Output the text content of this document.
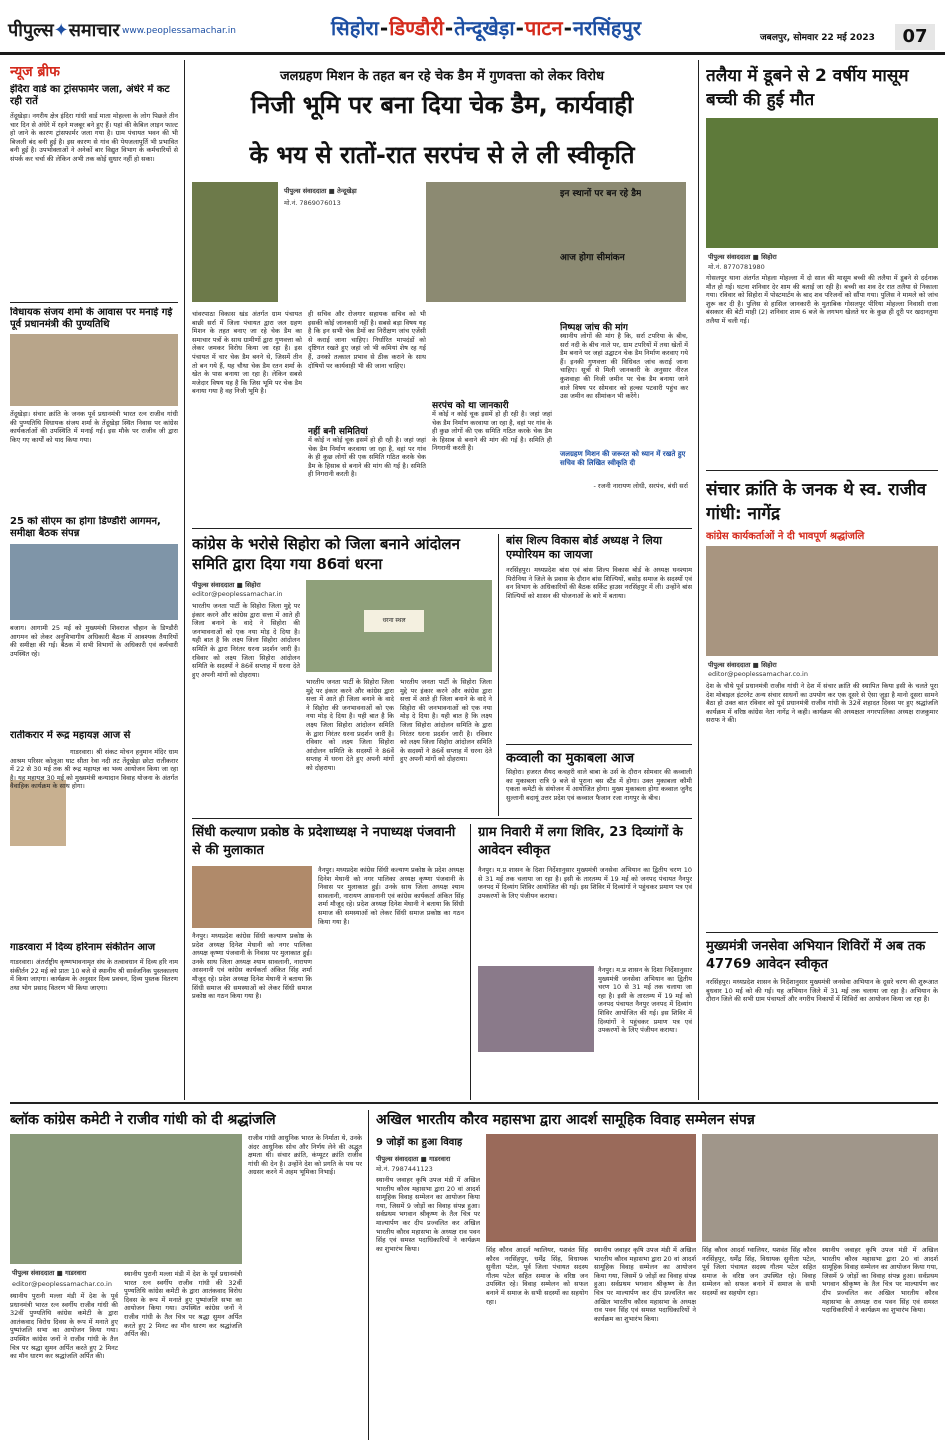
पीपुल्स✦समाचार www.peoplessamachar.in	सिहोरा-डिण्डौरी-तेन्दूखेड़ा-पाटन-नरसिंहपुर	जबलपुर, सोमवार 22 मई 2023	07
न्यूज ब्रीफ
इंदिरा वार्ड का ट्रांसफार्मर जला, अंधेरे में कट रही रातें
तेंदूखेड़ा। नगरीय क्षेत्र इंदिरा गांधी वार्ड माता मोहल्ला के लोग पिछले तीन चार दिन से अंधेरे में रहने मजबूर बने हुए हैं। यहां की केबिल लाइन फाल्ट हो जाने के कारण ट्रांसफार्मर जला गया है। ग्राम पंचायत भवन की भी बिजली बंद बनी हुई है। इस कारण से गांव की पेयजलापूर्ति भी प्रभावित बनी हुई है। उपभोक्ताओं ने अनेकों बार विद्युत विभाग के कर्मचारियों से संपर्क कर चर्चा की लेकिन अभी तक कोई सुधार नहीं हो सका।
विधायक संजय शर्मा के आवास पर मनाई गई पूर्व प्रधानमंत्री की पुण्यतिथि
तेंदूखेड़ा। संचार क्रांति के जनक पूर्व प्रधानमंत्री भारत रत्न राजीव गांधी की पुण्यतिथि विधायक संजय शर्मा के तेंदूखेड़ा स्थित निवास पर कांग्रेस कार्यकर्ताओं की उपस्थिति में मनाई गई। इस मौके पर राजीव जी द्वारा किए गए कार्यों को याद किया गया।
25 को सीएम का होगा डिण्डौरी आगमन, समीक्षा बैठक संपन्न
बजाग। आगामी 25 मई को मुख्यमंत्री शिवराज चौहान के डिण्डौरी आगमन को लेकर अनुविभागीय अधिकारी बैठक में आवश्यक तैयारियों की समीक्षा की गई। बैठक में सभी विभागों के अधिकारी एवं कर्मचारी उपस्थित रहे।
रातीकरार में रूद्र महायज्ञ आज से
गाडरवारा। श्री संकट मोचन हनुमान मंदिर धाम आश्रम परिसर कोलूआ घाट सीता रेवा नदी तट तेंदूखेड़ा छोटा रातीकरार में 22 से 30 मई तक श्री रूद्र महायज्ञ का भव्य आयोजन किया जा रहा है। यह महायज्ञ 30 मई को मुख्यमंत्री कन्यादान विवाह योजना के अंतर्गत वैवाहिक कार्यक्रम के साथ होगा।
गाडरवारा में दिव्य हरिनाम संकीर्तन आज
गाडरवारा। अंतर्राष्ट्रीय कृष्णभावनामृत संघ के तत्वावधान में दिव्य हरि नाम संकीर्तन 22 मई को प्रातः 10 बजे से स्थानीय श्री सार्वजनिक पुस्तकालय में किया जाएगा। कार्यक्रम के अनुसार दिव्य प्रवचन, दिव्य पुस्तक वितरण तथा भोग प्रसाद वितरण भी किया जाएगा।
जलग्रहण मिशन के तहत बन रहे चेक डैम में गुणवत्ता को लेकर विरोध
निजी भूमि पर बना दिया चेक डैम, कार्यवाही
के भय से रातों-रात सरपंच से ले ली स्वीकृति
पीपुल्स संवाददाता ■ तेन्दूखेड़ा
मो.नं. 7869076013
चांवरपाठा विकास खंड अंतर्गत ग्राम पंचायत बाछी सर्रा में जिला पंचायत द्वारा जल ग्रहण मिशन के तहत बनाए जा रहे चेक डैम का समाचार पत्रों के साथ ग्रामीणों द्वारा गुणवत्ता को लेकर जमकर विरोध किया जा रहा है। इस पंचायत में चार चेक डैम बनने थे, जिसमें तीन तो बन गये हैं, यह चौथा चेक डैम रतन शर्मा के खेत के पास बनाया जा रहा है। लेकिन सबसे मजेदार विषय यह है कि जिस भूमि पर चेक डैम बनाया गया है वह निजी भूमि है।
ही सचिव और रोजगार सहायक सचिव को भी इसकी कोई जानकारी नहीं है। सबसे बड़ा विषय यह है कि इन सभी चेक डैमों का निरीक्षण जांच एजेंसी से कराई जाना चाहिए। निर्धारित मापदंडों को दृष्टिगत रखते हुए जहां जो भी कमियां शेष रह गई हैं, उनको तत्काल प्रभाव से ठीक कराने के साथ दोषियों पर कार्यवाही भी की जाना चाहिए।
नहीं बनी समितियां
में कोई न कोई चूक इसमें हो ही रही है। जहां जहां चेक डैम निर्माण करवाया जा रहा है, वहां पर गांव के ही कुछ लोगों की एक समिति गठित करके चेक डैम के हिसाब से बनाने की मांग की गई है। समिति ही निगरानी करती है।
सरपंच को था जानकारी
में कोई न कोई चूक इसमें हो ही रही है। जहां जहां चेक डैम निर्माण करवाया जा रहा है, वहां पर गांव के ही कुछ लोगों की एक समिति गठित करके चेक डैम के हिसाब से बनाने की मांग की गई है। समिति ही निगरानी करती है।
इन स्थानों पर बन रहे डैम
आज होगा सीमांकन
निष्पक्ष जांच की मांग
स्थानीय लोगों की मांग है कि, सर्रा टपरिया के बीच, सर्रा नदी के बीच नाले पर, ग्राम टपरियों में तथा खेतों में डैम बनाने पर जहां उद्घाटन चेक डैम निर्माण करवाए गये हैं। इनकी गुणवत्ता की विधिवत जांच कराई जाना चाहिए। सूत्रों से मिली जानकारी के अनुसार नीरज कुशवाहा की निजी जमीन पर चेक डैम बनाया जाने वाले विषय पर सोमवार को हल्का पटवारी पहुंच कर उस जमीन का सीमांकन भी करेंगे।
जलग्रहण मिशन की जरूरत को ध्यान में रखते हुए सचिव की लिखित स्वीकृति दी
- रजनी नारायण लोधी, सरपंच, बंधी सर्रा
तलैया में डूबने से 2 वर्षीय मासूम बच्ची की हुई मौत
पीपुल्स संवाददाता ■ सिहोरा
मो.नं. 8770781980
गोसलपुर थाना अंतर्गत मोहला मोहल्ला में दो साल की मासूम बच्ची की तलैया में डूबने से दर्दनाक मौत हो गई। घटना शनिवार देर शाम की बताई जा रही है। बच्ची का शव देर रात तलैया से निकाला गया। रविवार को सिहोरा में पोस्टमार्टम के बाद शव परिजनों को सौंपा गया। पुलिस ने मामले को जांच शुरू कर दी है। पुलिस से हासिल जानकारी के मुताबिक गोसलपुर पीरिया मोहल्ला निवासी राजा बंसकार की बेटी माही (2) शनिवार शाम 6 बजे के लगभग खेलते घर के कुछ ही दूरी पर खदानतुमा तलैया में चली गई।
संचार क्रांति के जनक थे स्व. राजीव गांधी: नागेंद्र
कांग्रेस कार्यकर्ताओं ने दी भावपूर्ण श्रद्धांजलि
पीपुल्स संवाददाता ■ सिहोरा
editor@peoplessamachar.co.in
देश के चौथे पूर्व प्रधानमंत्री राजीव गांधी ने देश में संचार क्रांति की स्थापित किया इसी के चलते पूरा देश मोबाइल इंटरनेट अन्य संचार साधनों का उपयोग कर एक दूसरे से ऐसा जुड़ा है मानो दूसरा सामने बैठा हो उक्त बात रविवार को पूर्व प्रधानमंत्री राजीव गांधी के 32वें शहादत दिवस पर हुए श्रद्धांजलि कार्यक्रम में वरिष्ठ कांग्रेस नेता नागेंद्र ने कही। कार्यक्रम की अध्यक्षता नगरपालिका अध्यक्ष राजकुमार सराफ ने की।
मुख्यमंत्री जनसेवा अभियान शिविरों में अब तक 47769 आवेदन स्वीकृत
नरसिंहपुर। मध्यप्रदेश शासन के निर्देशानुसार मुख्यमंत्री जनसेवा अभियान के दूसरे चरण की शुरूआत बुधवार 10 मई को की गई। यह अभियान जिले में 31 मई तक चलाया जा रहा है। अभियान के दौरान जिले की सभी ग्राम पंचायतों और नगरीय निकायों में शिविरों का आयोजन किया जा रहा है।
कांग्रेस के भरोसे सिहोरा को जिला बनाने आंदोलन समिति द्वारा दिया गया 86वां धरना
पीपुल्स संवाददाता ■ सिहोरा
editor@peoplessamachar.in
धरना स्थल
भारतीय जनता पार्टी के सिहोरा जिला मुद्दे पर इंकार करने और कांग्रेस द्वारा सत्ता में आते ही जिला बनाने के वादे ने सिहोरा की जनभावनाओं को एक नया मोड़ दे दिया है। यही बात है कि लक्ष्य जिला सिहोरा आंदोलन समिति के द्वारा निरंतर धरना प्रदर्शन जारी है। रविवार को लक्ष्य जिला सिहोरा आंदोलन समिति के सदस्यों ने 86वें सप्ताह में धरना देते हुए अपनी मांगों को दोहराया।
भारतीय जनता पार्टी के सिहोरा जिला मुद्दे पर इंकार करने और कांग्रेस द्वारा सत्ता में आते ही जिला बनाने के वादे ने सिहोरा की जनभावनाओं को एक नया मोड़ दे दिया है। यही बात है कि लक्ष्य जिला सिहोरा आंदोलन समिति के द्वारा निरंतर धरना प्रदर्शन जारी है। रविवार को लक्ष्य जिला सिहोरा आंदोलन समिति के सदस्यों ने 86वें सप्ताह में धरना देते हुए अपनी मांगों को दोहराया।
भारतीय जनता पार्टी के सिहोरा जिला मुद्दे पर इंकार करने और कांग्रेस द्वारा सत्ता में आते ही जिला बनाने के वादे ने सिहोरा की जनभावनाओं को एक नया मोड़ दे दिया है। यही बात है कि लक्ष्य जिला सिहोरा आंदोलन समिति के द्वारा निरंतर धरना प्रदर्शन जारी है। रविवार को लक्ष्य जिला सिहोरा आंदोलन समिति के सदस्यों ने 86वें सप्ताह में धरना देते हुए अपनी मांगों को दोहराया।
बांस शिल्प विकास बोर्ड अध्यक्ष ने लिया एम्पोरियम का जायजा
नरसिंहपुर। मध्यप्रदेश बांस एवं बांस शिल्प विकास बोर्ड के अध्यक्ष घनश्याम पिरोनिया ने जिले के प्रवास के दौरान बांस शिल्पियों, बसोड़ समाज के सदस्यों एवं वन विभाग के अधिकारियों की बैठक सर्किट हाउस नरसिंहपुर में ली। उन्होंने बांस शिल्पियों को शासन की योजनाओं के बारे में बताया।
कव्वाली का मुकाबला आज
सिहोरा। हजरत सैयद कचहरी वाले बाबा के उर्स के दौरान सोमवार की कव्वाली का मुकाबला रात्रि 9 बजे से पुराना बस स्टैंड में होगा। उक्त मुकाबला कौमी एकता कमेटी के संयोजन में आयोजित होगा। मुख्य मुकाबला होगा कव्वाल जुनैद सुल्तानी बदायूं उत्तर प्रदेश एवं कव्वाल फैजान रजा नागपुर के बीच।
सिंधी कल्याण प्रकोष्ठ के प्रदेशाध्यक्ष ने नपाध्यक्ष पंजवानी से की मुलाकात
नैनपुर। मध्यप्रदेश कांग्रेस सिंधी कल्याण प्रकोष्ठ के प्रदेश अध्यक्ष दिनेश मेघानी को नगर पालिका अध्यक्ष कृष्णा पंजवानी के निवास पर मुलाकात हुई। उनके साथ जिला अध्यक्ष श्याम सावलानी, नारायण आसनानी एवं कांग्रेस कार्यकर्ता अंकित सिंह शर्मा मौजूद रहे। प्रदेश अध्यक्ष दिनेश मेघानी ने बताया कि सिंधी समाज की समस्याओं को लेकर सिंधी समाज प्रकोष्ठ का गठन किया गया है।
नैनपुर। मध्यप्रदेश कांग्रेस सिंधी कल्याण प्रकोष्ठ के प्रदेश अध्यक्ष दिनेश मेघानी को नगर पालिका अध्यक्ष कृष्णा पंजवानी के निवास पर मुलाकात हुई। उनके साथ जिला अध्यक्ष श्याम सावलानी, नारायण आसनानी एवं कांग्रेस कार्यकर्ता अंकित सिंह शर्मा मौजूद रहे। प्रदेश अध्यक्ष दिनेश मेघानी ने बताया कि सिंधी समाज की समस्याओं को लेकर सिंधी समाज प्रकोष्ठ का गठन किया गया है।
ग्राम निवारी में लगा शिविर, 23 दिव्यांगों के आवेदन स्वीकृत
नैनपुर। म.प्र शासन के दिशा निर्देशानुसार मुख्यमंत्री जनसेवा अभियान का द्वितीय चरण 10 से 31 मई तक चलाया जा रहा है। इसी के तारतम्य में 19 मई को जनपद पंचायत नैनपुर जनपद में दिव्यांग शिविर आयोजित की गई। इस शिविर में दिव्यांगों ने पहुंचकर प्रमाण पत्र एवं उपकरणों के लिए पंजीयन कराया।
नैनपुर। म.प्र शासन के दिशा निर्देशानुसार मुख्यमंत्री जनसेवा अभियान का द्वितीय चरण 10 से 31 मई तक चलाया जा रहा है। इसी के तारतम्य में 19 मई को जनपद पंचायत नैनपुर जनपद में दिव्यांग शिविर आयोजित की गई। इस शिविर में दिव्यांगों ने पहुंचकर प्रमाण पत्र एवं उपकरणों के लिए पंजीयन कराया।
ब्लॉक कांग्रेस कमेटी ने राजीव गांधी को दी श्रद्धांजलि
पीपुल्स संवाददाता ■ गाडरवारा
editor@peoplessamachar.co.in
स्थानीय पुरानी मल्ला मंडी में देश के पूर्व प्रधानमंत्री भारत रत्न स्वर्गीय राजीव गांधी की 32वीं पुण्यतिथि कांग्रेस कमेटी के द्वारा आतंकवाद विरोध दिवस के रूप में मनाते हुए पुष्पांजलि सभा का आयोजन किया गया। उपस्थित कांग्रेस जनों ने राजीव गांधी के तैल चित्र पर श्रद्धा सुमन अर्पित करते हुए 2 मिनट का मौन धारण कर श्रद्धांजलि अर्पित की।
स्थानीय पुरानी मल्ला मंडी में देश के पूर्व प्रधानमंत्री भारत रत्न स्वर्गीय राजीव गांधी की 32वीं पुण्यतिथि कांग्रेस कमेटी के द्वारा आतंकवाद विरोध दिवस के रूप में मनाते हुए पुष्पांजलि सभा का आयोजन किया गया। उपस्थित कांग्रेस जनों ने राजीव गांधी के तैल चित्र पर श्रद्धा सुमन अर्पित करते हुए 2 मिनट का मौन धारण कर श्रद्धांजलि अर्पित की।
राजीव गांधी आधुनिक भारत के निर्माता थे, उनके अंदर आधुनिक सोच और निर्णय लेने की अद्भुत क्षमता थी। संचार क्रांति, कंप्यूटर क्रांति राजीव गांधी की देन है। उन्होंने देश को प्रगति के पथ पर अग्रसर करने में अहम भूमिका निभाई।
अखिल भारतीय कौरव महासभा द्वारा आदर्श सामूहिक विवाह सम्मेलन संपन्न
9 जोड़ों का हुआ विवाह
पीपुल्स संवाददाता ■ गाडरवारा
मो.नं. 7987441123
स्थानीय जवाहर कृषि उपज मंडी में अखिल भारतीय कौरव महासभा द्वारा 20 वां आदर्श सामूहिक विवाह सम्मेलन का आयोजन किया गया, जिसमें 9 जोड़ों का विवाह संपन्न हुआ। सर्वप्रथम भगवान श्रीकृष्ण के तैल चित्र पर माल्यार्पण कर दीप प्रज्वलित कर अखिल भारतीय कौरव महासभा के अध्यक्ष राव पवन सिंह एवं समस्त पदाधिकारियों ने कार्यक्रम का शुभारंभ किया।	सिंह कौरव आदर्श ग्वालियर, यशवंत सिंह कौरव नरसिंहपुर, धर्मेंद्र सिंह, विधायक सुनीता पटेल, पूर्व जिला पंचायत सदस्य गौतम पटेल सहित समाज के वरिष्ठ जन उपस्थित रहे। विवाह सम्मेलन को सफल बनाने में समाज के सभी सदस्यों का सहयोग रहा।
स्थानीय जवाहर कृषि उपज मंडी में अखिल भारतीय कौरव महासभा द्वारा 20 वां आदर्श सामूहिक विवाह सम्मेलन का आयोजन किया गया, जिसमें 9 जोड़ों का विवाह संपन्न हुआ। सर्वप्रथम भगवान श्रीकृष्ण के तैल चित्र पर माल्यार्पण कर दीप प्रज्वलित कर अखिल भारतीय कौरव महासभा के अध्यक्ष राव पवन सिंह एवं समस्त पदाधिकारियों ने कार्यक्रम का शुभारंभ किया।
सिंह कौरव आदर्श ग्वालियर, यशवंत सिंह कौरव नरसिंहपुर, धर्मेंद्र सिंह, विधायक सुनीता पटेल, पूर्व जिला पंचायत सदस्य गौतम पटेल सहित समाज के वरिष्ठ जन उपस्थित रहे। विवाह सम्मेलन को सफल बनाने में समाज के सभी सदस्यों का सहयोग रहा।
स्थानीय जवाहर कृषि उपज मंडी में अखिल भारतीय कौरव महासभा द्वारा 20 वां आदर्श सामूहिक विवाह सम्मेलन का आयोजन किया गया, जिसमें 9 जोड़ों का विवाह संपन्न हुआ। सर्वप्रथम भगवान श्रीकृष्ण के तैल चित्र पर माल्यार्पण कर दीप प्रज्वलित कर अखिल भारतीय कौरव महासभा के अध्यक्ष राव पवन सिंह एवं समस्त पदाधिकारियों ने कार्यक्रम का शुभारंभ किया।
